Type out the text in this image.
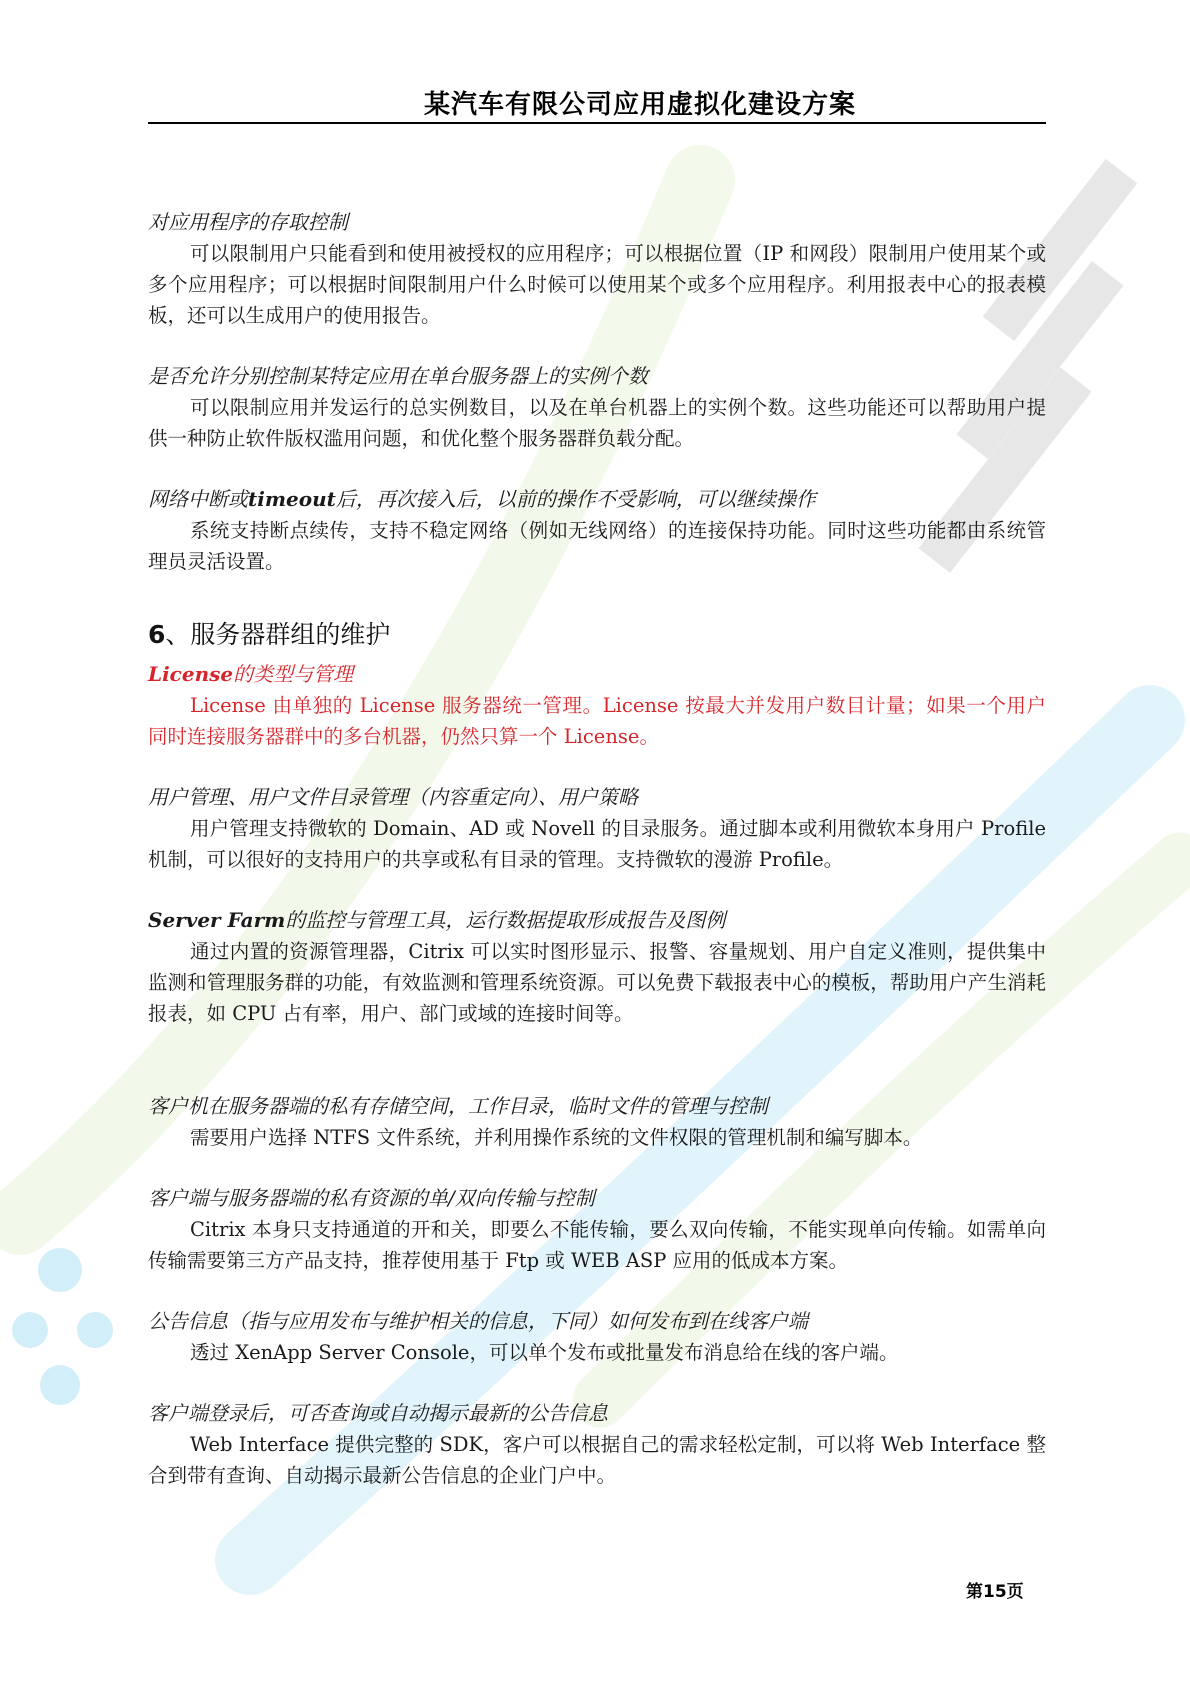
某汽车有限公司应用虚拟化建设方案

对应用程序的存取控制

可以限制用户只能看到和使用被授权的应用程序；可以根据位置（IP 和网段）限制用户使用某个或多个应用程序；可以根据时间限制用户什么时候可以使用某个或多个应用程序。利用报表中心的报表模板，还可以生成用户的使用报告。

是否允许分别控制某特定应用在单台服务器上的实例个数

可以限制应用并发运行的总实例数目，以及在单台机器上的实例个数。这些功能还可以帮助用户提供一种防止软件版权滥用问题，和优化整个服务器群负载分配。

网络中断或timeout后，再次接入后，以前的操作不受影响，可以继续操作

系统支持断点续传，支持不稳定网络（例如无线网络）的连接保持功能。同时这些功能都由系统管理员灵活设置。

6、服务器群组的维护

License的类型与管理

License 由单独的 License 服务器统一管理。License 按最大并发用户数目计量；如果一个用户同时连接服务器群中的多台机器，仍然只算一个 License。

用户管理、用户文件目录管理（内容重定向）、用户策略

用户管理支持微软的 Domain、AD 或 Novell 的目录服务。通过脚本或利用微软本身用户 Profile 机制，可以很好的支持用户的共享或私有目录的管理。支持微软的漫游 Profile。

Server Farm的监控与管理工具，运行数据提取形成报告及图例

通过内置的资源管理器，Citrix 可以实时图形显示、报警、容量规划、用户自定义准则，提供集中监测和管理服务群的功能，有效监测和管理系统资源。可以免费下载报表中心的模板，帮助用户产生消耗报表，如 CPU 占有率，用户、部门或域的连接时间等。

客户机在服务器端的私有存储空间，工作目录，临时文件的管理与控制

需要用户选择 NTFS 文件系统，并利用操作系统的文件权限的管理机制和编写脚本。

客户端与服务器端的私有资源的单/双向传输与控制

Citrix 本身只支持通道的开和关，即要么不能传输，要么双向传输，不能实现单向传输。如需单向传输需要第三方产品支持，推荐使用基于 Ftp 或 WEB ASP 应用的低成本方案。

公告信息（指与应用发布与维护相关的信息，下同）如何发布到在线客户端

透过 XenApp Server Console，可以单个发布或批量发布消息给在线的客户端。

客户端登录后，可否查询或自动揭示最新的公告信息

Web Interface 提供完整的 SDK，客户可以根据自己的需求轻松定制，可以将 Web Interface 整合到带有查询、自动揭示最新公告信息的企业门户中。

第15页
